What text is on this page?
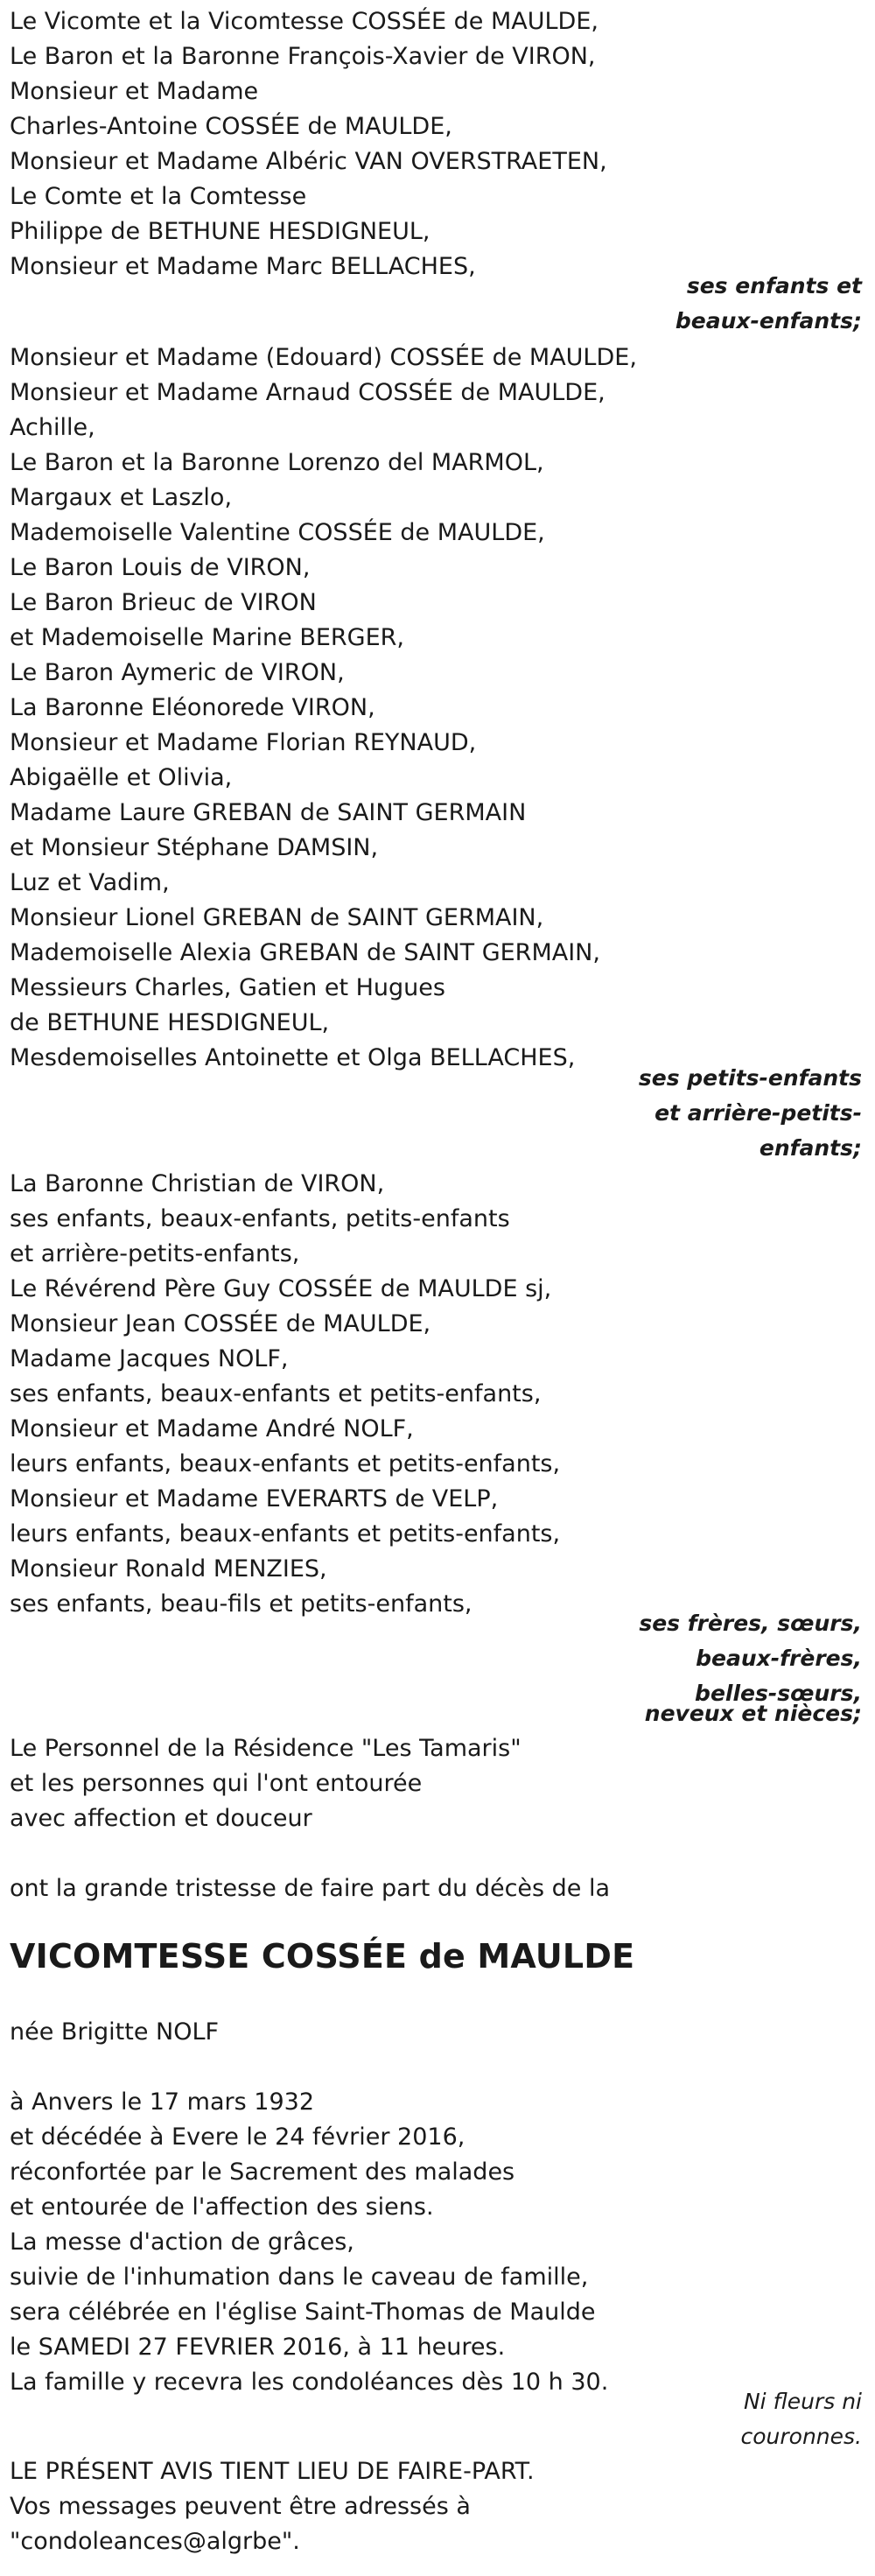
Le Vicomte et la Vicomtesse COSSÉE de MAULDE,
Le Baron et la Baronne François-Xavier de VIRON,
Monsieur et Madame
Charles-Antoine COSSÉE de MAULDE,
Monsieur et Madame Albéric VAN OVERSTRAETEN,
Le Comte et la Comtesse
Philippe de BETHUNE HESDIGNEUL,
Monsieur et Madame Marc BELLACHES,
ses enfants et
beaux-enfants;
Monsieur et Madame (Edouard) COSSÉE de MAULDE,
Monsieur et Madame Arnaud COSSÉE de MAULDE,
Achille,
Le Baron et la Baronne Lorenzo del MARMOL,
Margaux et Laszlo,
Mademoiselle Valentine COSSÉE de MAULDE,
Le Baron Louis de VIRON,
Le Baron Brieuc de VIRON
et Mademoiselle Marine BERGER,
Le Baron Aymeric de VIRON,
La Baronne Eléonorede VIRON,
Monsieur et Madame Florian REYNAUD,
Abigaëlle et Olivia,
Madame Laure GREBAN de SAINT GERMAIN
et Monsieur Stéphane DAMSIN,
Luz et Vadim,
Monsieur Lionel GREBAN de SAINT GERMAIN,
Mademoiselle Alexia GREBAN de SAINT GERMAIN,
Messieurs Charles, Gatien et Hugues
de BETHUNE HESDIGNEUL,
Mesdemoiselles Antoinette et Olga BELLACHES,
ses petits-enfants
et arrière-petits-
enfants;
La Baronne Christian de VIRON,
ses enfants, beaux-enfants, petits-enfants
et arrière-petits-enfants,
Le Révérend Père Guy COSSÉE de MAULDE sj,
Monsieur Jean COSSÉE de MAULDE,
Madame Jacques NOLF,
ses enfants, beaux-enfants et petits-enfants,
Monsieur et Madame André NOLF,
leurs enfants, beaux-enfants et petits-enfants,
Monsieur et Madame EVERARTS de VELP,
leurs enfants, beaux-enfants et petits-enfants,
Monsieur Ronald MENZIES,
ses enfants, beau-fils et petits-enfants,
ses frères, sœurs,
beaux-frères,
belles-sœurs,
neveux et nièces;
Le Personnel de la Résidence "Les Tamaris"
et les personnes qui l'ont entourée
avec affection et douceur
ont la grande tristesse de faire part du décès de la
VICOMTESSE COSSÉE de MAULDE
née Brigitte NOLF
à Anvers le 17 mars 1932
et décédée à Evere le 24 février 2016,
réconfortée par le Sacrement des malades
et entourée de l'affection des siens.
La messe d'action de grâces,
suivie de l'inhumation dans le caveau de famille,
sera célébrée en l'église Saint-Thomas de Maulde
le SAMEDI 27 FEVRIER 2016, à 11 heures.
La famille y recevra les condoléances dès 10 h 30.
Ni fleurs ni
couronnes.
LE PRÉSENT AVIS TIENT LIEU DE FAIRE-PART.
Vos messages peuvent être adressés à
"condoleances@algrbe".
